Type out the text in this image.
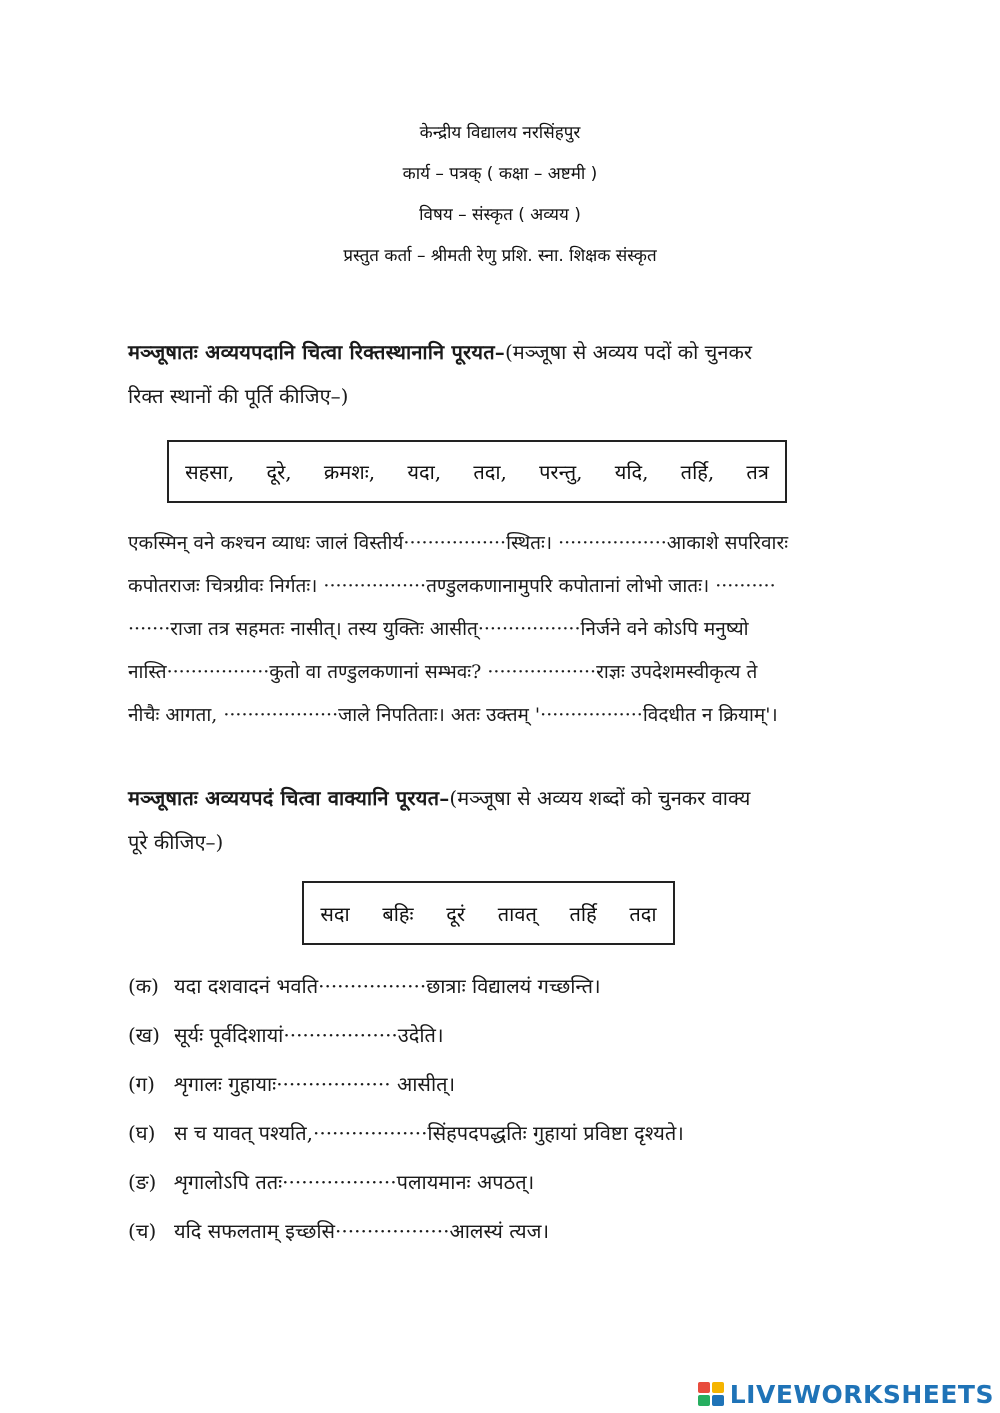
केन्द्रीय विद्यालय नरसिंहपुर
कार्य – पत्रक् ( कक्षा – अष्टमी )
विषय – संस्कृत ( अव्यय )
प्रस्तुत कर्ता – श्रीमती रेणु प्रशि. स्ना. शिक्षक संस्कृत
मञ्जूषातः अव्ययपदानि चित्वा रिक्तस्थानानि पूरयत–(मञ्जूषा से अव्यय पदों को चुनकर
रिक्त स्थानों की पूर्ति कीजिए–)
सहसा, दूरे, क्रमशः, यदा, तदा, परन्तु, यदि, तर्हि, तत्र
एकस्मिन् वने कश्चन व्याधः जालं विस्तीर्य·················स्थितः। ··················आकाशे सपरिवारः
कपोतराजः चित्रग्रीवः निर्गतः। ·················तण्डुलकणानामुपरि कपोतानां लोभो जातः। ··········
·······राजा तत्र सहमतः नासीत्। तस्य युक्तिः आसीत्·················निर्जने वने कोऽपि मनुष्यो
नास्ति·················कुतो वा तण्डुलकणानां सम्भवः? ··················राज्ञः उपदेशमस्वीकृत्य ते
नीचैः आगता, ···················जाले निपतिताः। अतः उक्तम् '·················विदधीत न क्रियाम्'।
मञ्जूषातः अव्ययपदं चित्वा वाक्यानि पूरयत–(मञ्जूषा से अव्यय शब्दों को चुनकर वाक्य
पूरे कीजिए–)
सदा बहिः दूरं तावत् तर्हि तदा
(क) यदा दशवादनं भवति·················छात्राः विद्यालयं गच्छन्ति।
(ख) सूर्यः पूर्वदिशायां··················उदेति।
(ग) शृगालः गुहायाः·················· आसीत्।
(घ) स च यावत् पश्यति,··················सिंहपदपद्धतिः गुहायां प्रविष्टा दृश्यते।
(ङ) शृगालोऽपि ततः··················पलायमानः अपठत्।
(च) यदि सफलताम् इच्छसि··················आलस्यं त्यज।
LIVEWORKSHEETS
